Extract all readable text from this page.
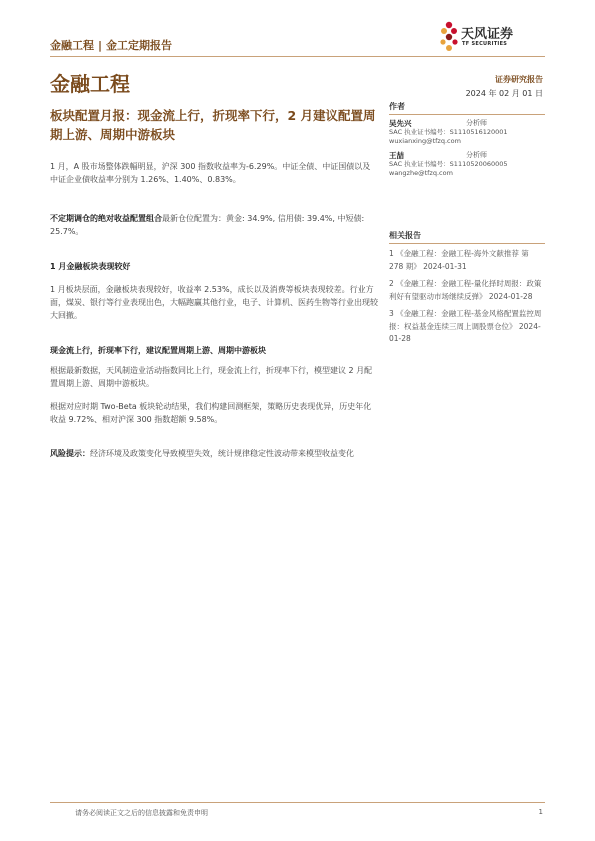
金融工程 | 金工定期报告
天风证券
TF SECURITIES
金融工程	证券研究报告
2024 年 02 月 01 日
板块配置月报：现金流上行，折现率下行，2 月建议配置周期上游、周期中游板块

1 月，A 股市场整体跌幅明显，沪深 300 指数收益率为-6.29%。中证全债、中证国债以及中证企业债收益率分别为 1.26%、1.40%、0.83%。

不定期调仓的绝对收益配置组合最新仓位配置为：黄金: 34.9%, 信用债: 39.4%, 中短债: 25.7%。

1 月金融板块表现较好

1 月板块层面，金融板块表现较好，收益率 2.53%，成长以及消费等板块表现较差。行业方面，煤炭、银行等行业表现出色，大幅跑赢其他行业，电子、计算机、医药生物等行业出现较大回撤。

现金流上行，折现率下行，建议配置周期上游、周期中游板块

根据最新数据，天风制造业活动指数同比上行，现金流上行，折现率下行，模型建议 2 月配置周期上游、周期中游板块。

根据对应时期 Two-Beta 板块轮动结果，我们构建回测框架，策略历史表现优异，历史年化收益 9.72%、相对沪深 300 指数超额 9.58%。

风险提示：经济环境及政策变化导致模型失效，统计规律稳定性波动带来模型收益变化

作者
吴先兴	分析师
SAC 执业证书编号：S1110516120001
wuxianxing@tfzq.com
王喆	分析师
SAC 执业证书编号：S1110520060005
wangzhe@tfzq.com
相关报告
1 《金融工程：金融工程-海外文献推荐 第 278 期》 2024-01-31
2 《金融工程：金融工程-量化择时周报：政策利好有望驱动市场继续反弹》 2024-01-28
3 《金融工程：金融工程-基金风格配置监控周报：权益基金连续三周上调股票仓位》 2024-01-28
请务必阅读正文之后的信息披露和免责申明	1
